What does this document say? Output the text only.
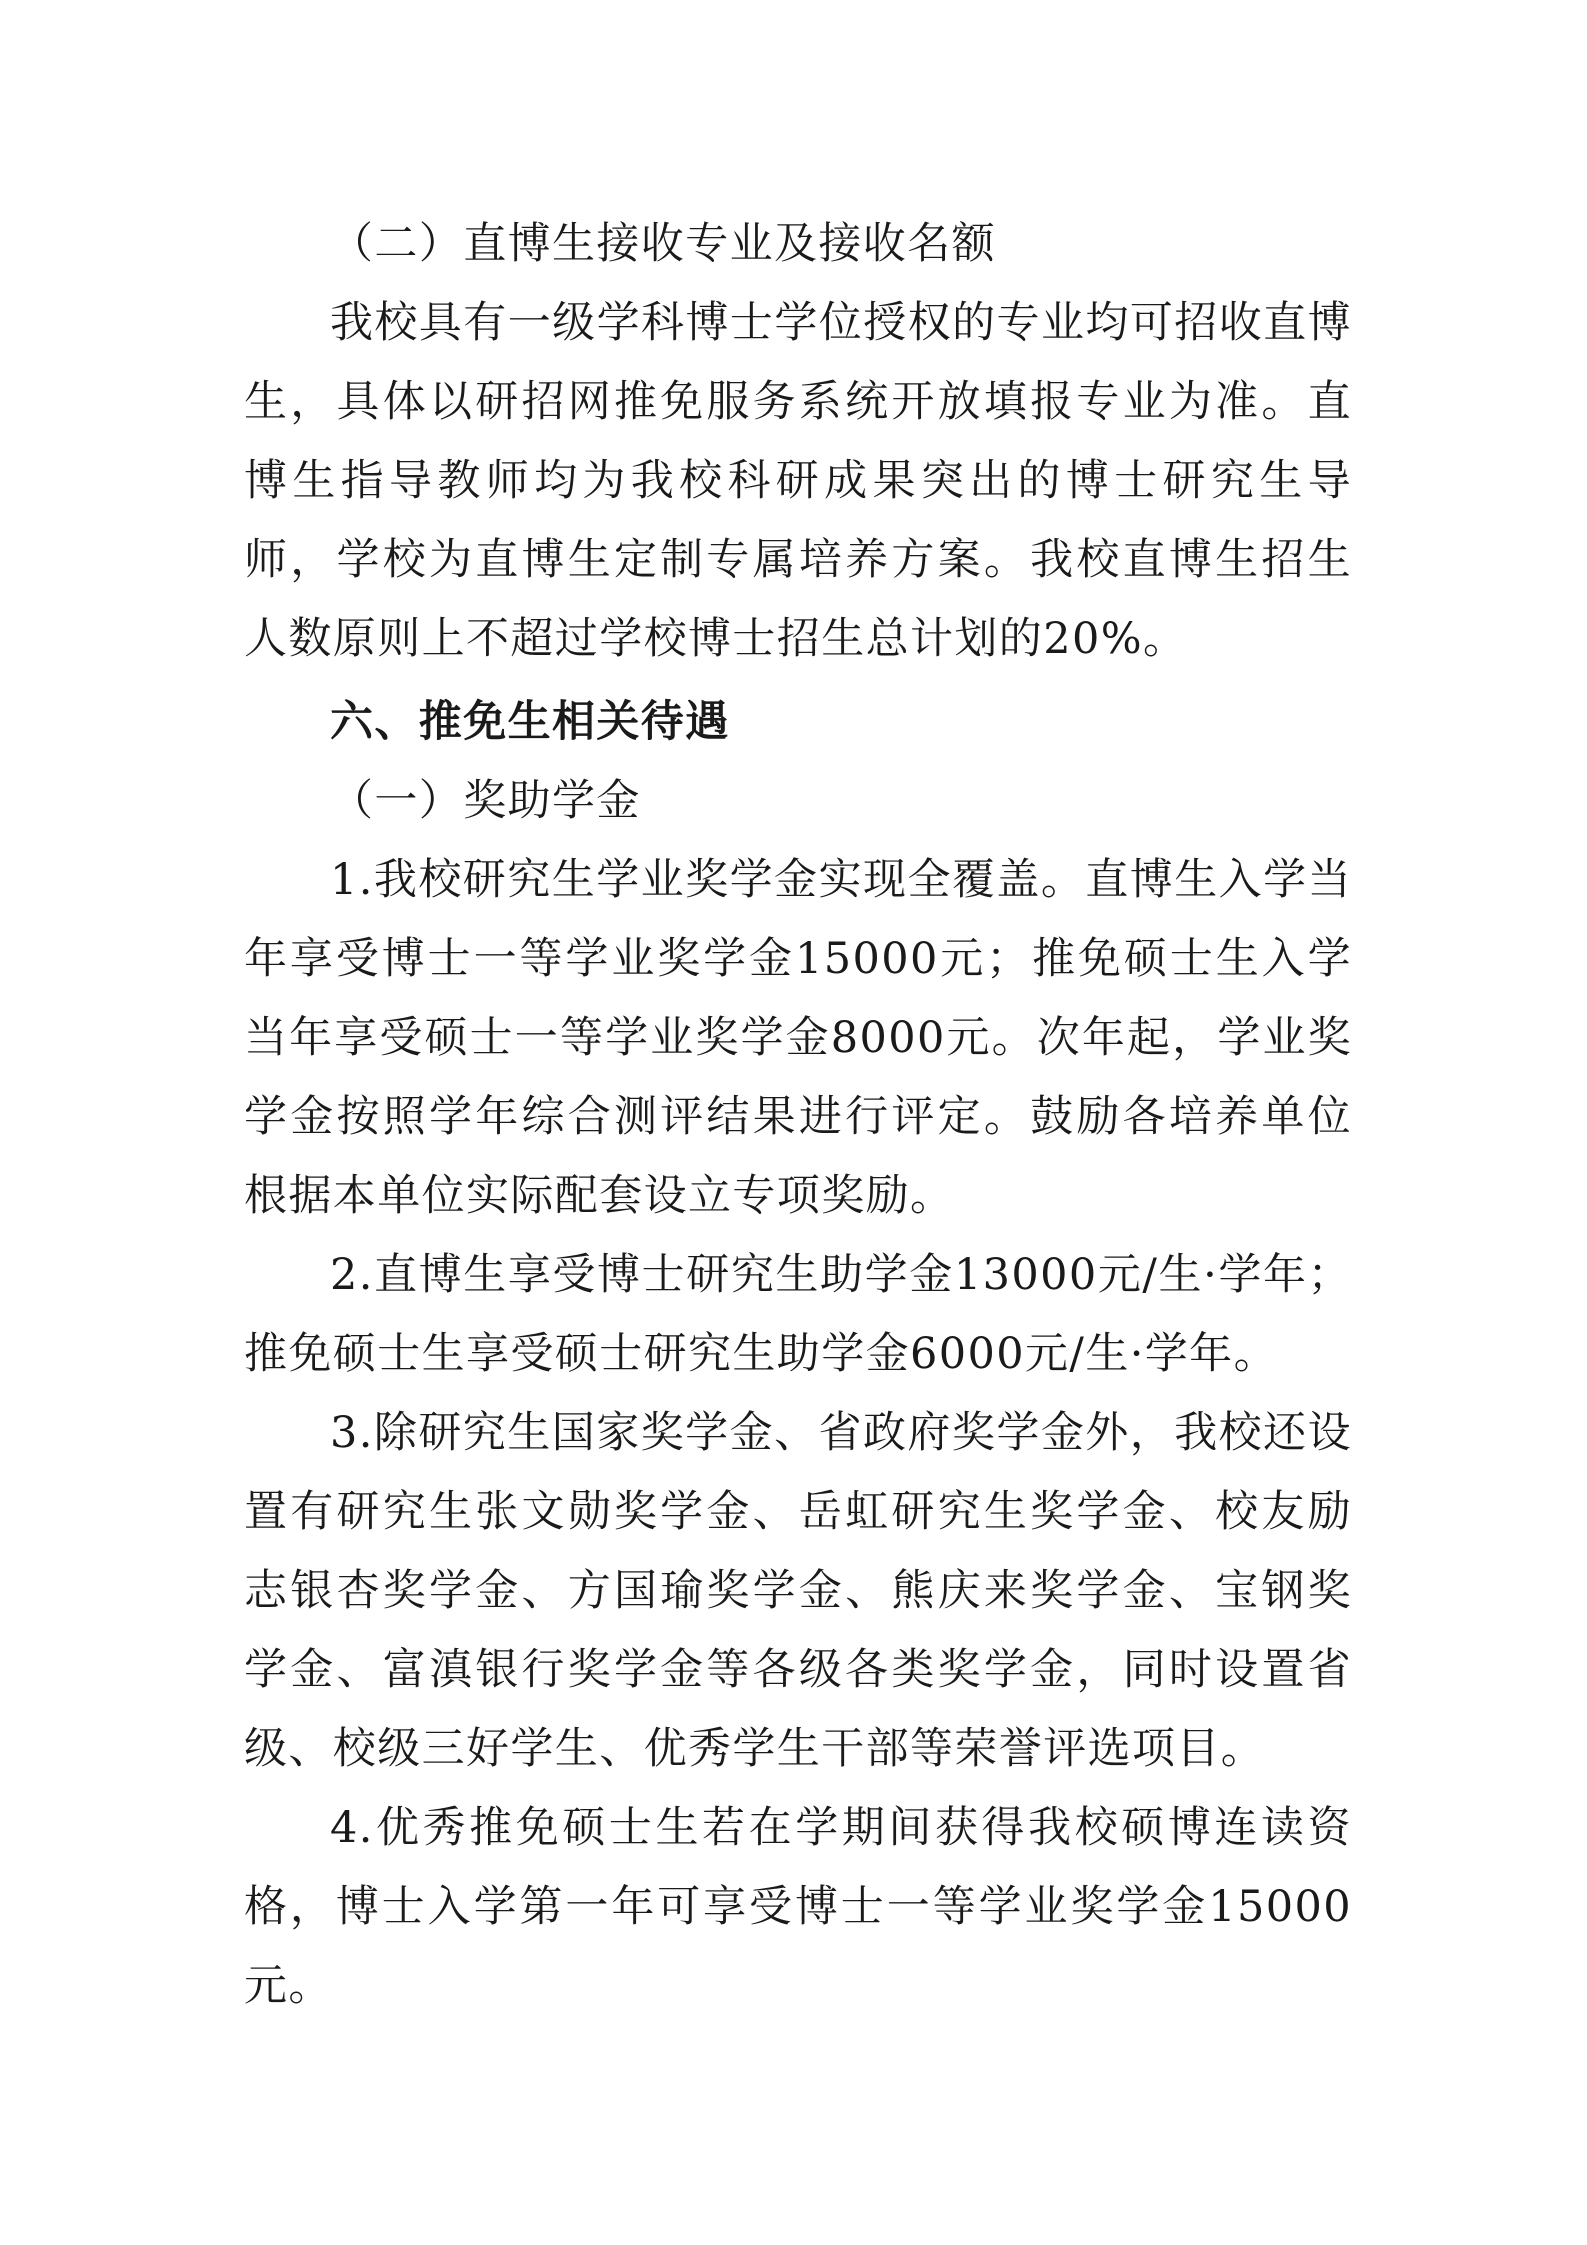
（二）直博生接收专业及接收名额

我校具有一级学科博士学位授权的专业均可招收直博生，具体以研招网推免服务系统开放填报专业为准。直博生指导教师均为我校科研成果突出的博士研究生导师，学校为直博生定制专属培养方案。我校直博生招生人数原则上不超过学校博士招生总计划的20%。

六、推免生相关待遇

（一）奖助学金

1.我校研究生学业奖学金实现全覆盖。直博生入学当年享受博士一等学业奖学金15000元；推免硕士生入学当年享受硕士一等学业奖学金8000元。次年起，学业奖学金按照学年综合测评结果进行评定。鼓励各培养单位根据本单位实际配套设立专项奖励。

2.直博生享受博士研究生助学金13000元/生·学年；推免硕士生享受硕士研究生助学金6000元/生·学年。

3.除研究生国家奖学金、省政府奖学金外，我校还设置有研究生张文勋奖学金、岳虹研究生奖学金、校友励志银杏奖学金、方国瑜奖学金、熊庆来奖学金、宝钢奖学金、富滇银行奖学金等各级各类奖学金，同时设置省级、校级三好学生、优秀学生干部等荣誉评选项目。

4.优秀推免硕士生若在学期间获得我校硕博连读资格，博士入学第一年可享受博士一等学业奖学金15000元。
